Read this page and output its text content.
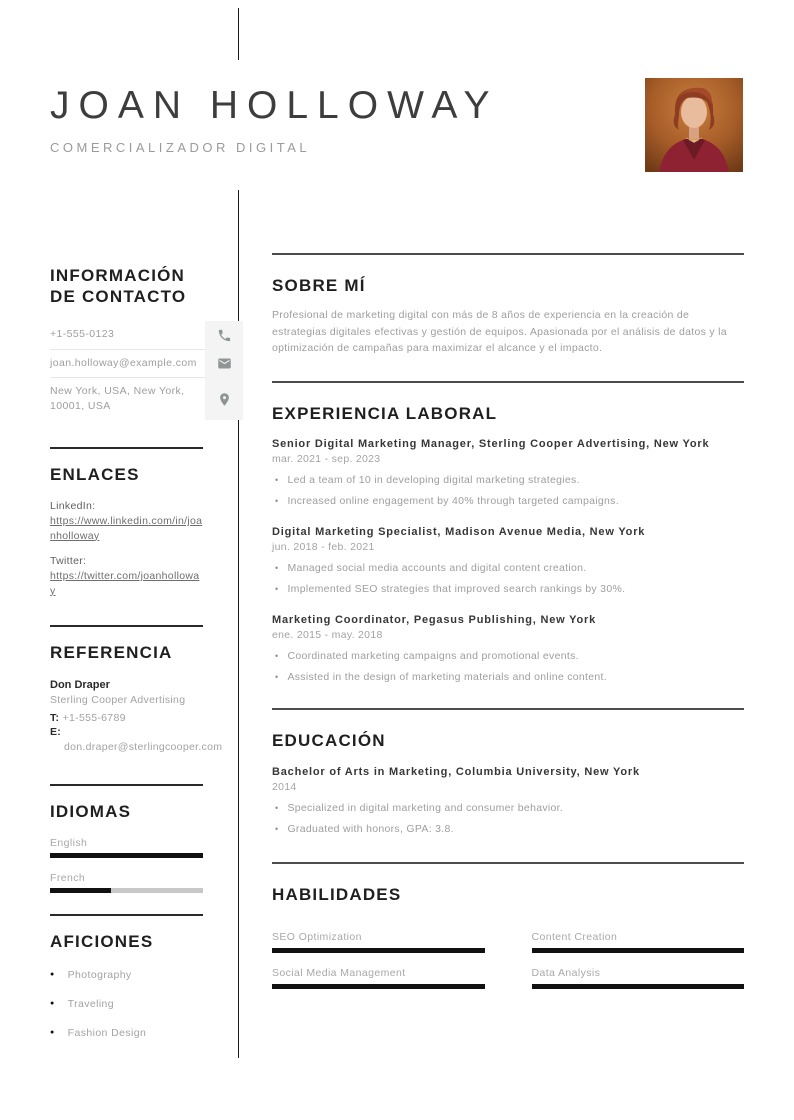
JOAN HOLLOWAY
COMERCIALIZADOR DIGITAL
INFORMACIÓN DE CONTACTO
+1-555-0123
joan.holloway@example.com
New York, USA, New York, 10001, USA
ENLACES
LinkedIn:
https://www.linkedin.com/in/joanholloway
Twitter:
https://twitter.com/joanholloway
REFERENCIA
Don Draper
Sterling Cooper Advertising
T: +1-555-6789
E: don.draper@sterlingcooper.com
IDIOMAS
English
French
AFICIONES
● Photography
● Traveling
● Fashion Design
SOBRE MÍ

Profesional de marketing digital con más de 8 años de experiencia en la creación de estrategias digitales efectivas y gestión de equipos. Apasionada por el análisis de datos y la optimización de campañas para maximizar el alcance y el impacto.

EXPERIENCIA LABORAL
Senior Digital Marketing Manager, Sterling Cooper Advertising, New York
mar. 2021 - sep. 2023
• Led a team of 10 in developing digital marketing strategies.
• Increased online engagement by 40% through targeted campaigns.
Digital Marketing Specialist, Madison Avenue Media, New York
jun. 2018 - feb. 2021
• Managed social media accounts and digital content creation.
• Implemented SEO strategies that improved search rankings by 30%.
Marketing Coordinator, Pegasus Publishing, New York
ene. 2015 - may. 2018
• Coordinated marketing campaigns and promotional events.
• Assisted in the design of marketing materials and online content.
EDUCACIÓN
Bachelor of Arts in Marketing, Columbia University, New York
2014
• Specialized in digital marketing and consumer behavior.
• Graduated with honors, GPA: 3.8.
HABILIDADES
SEO Optimization	Content Creation
Social Media Management	Data Analysis
